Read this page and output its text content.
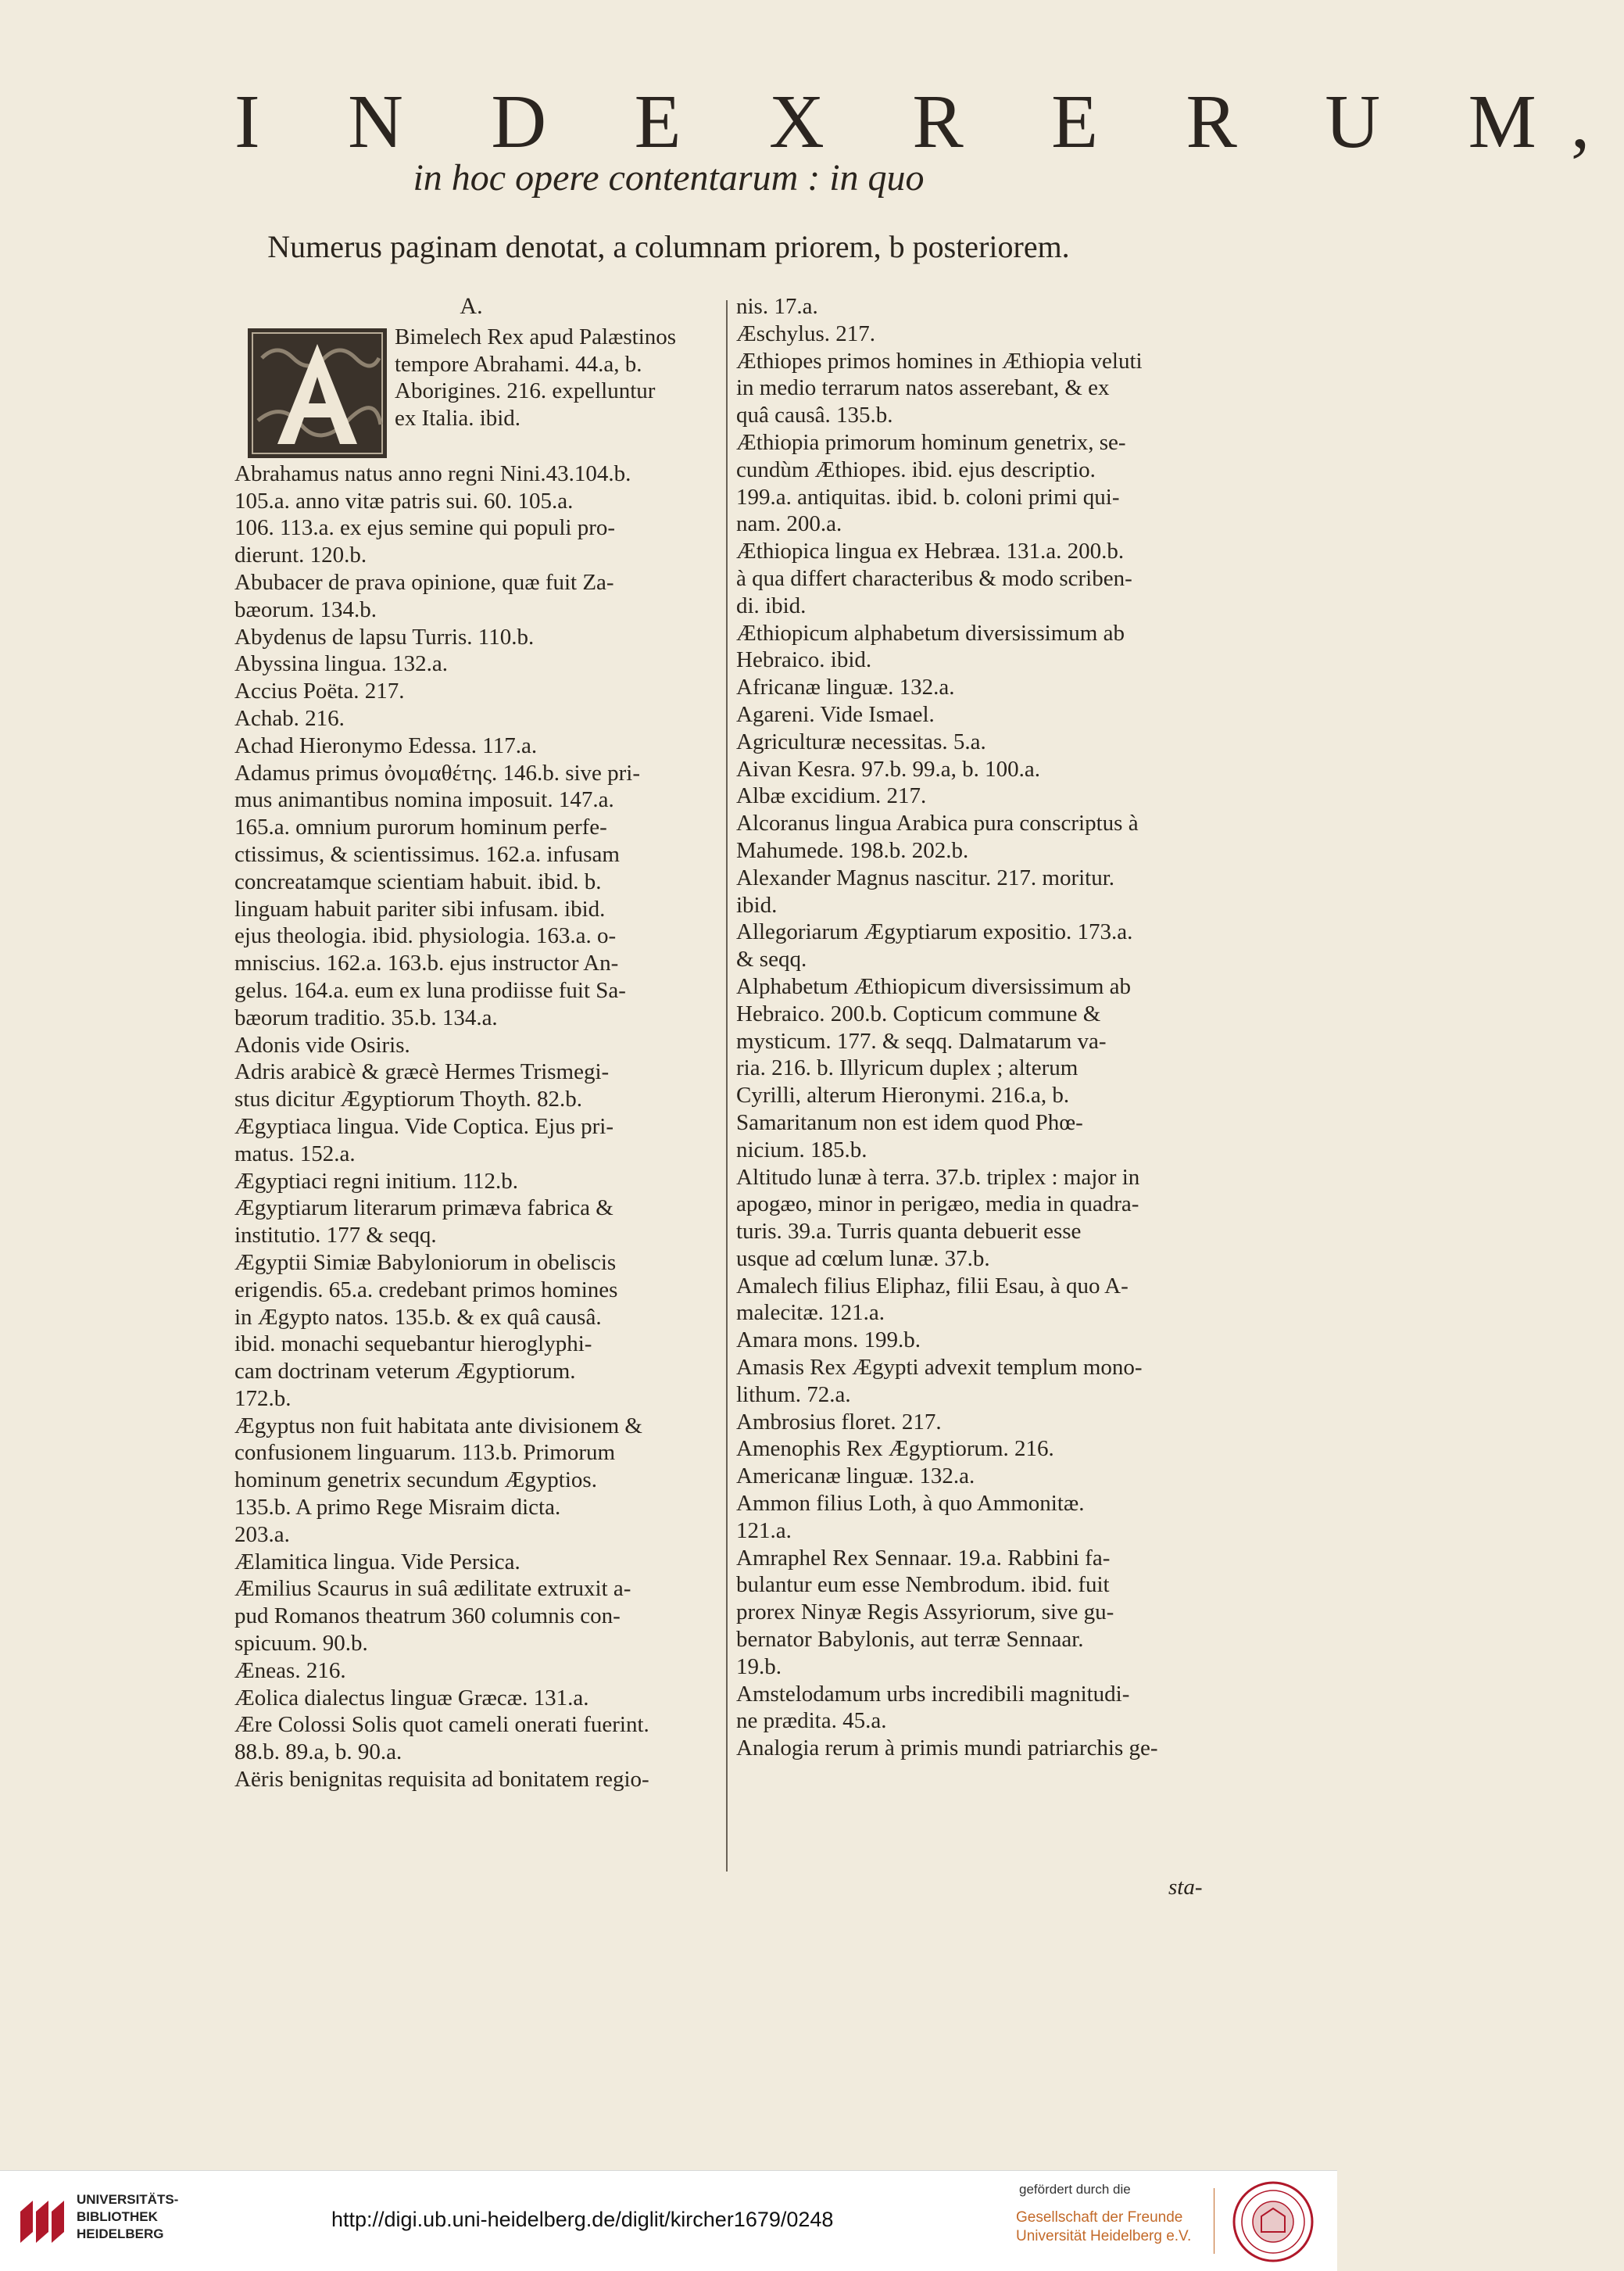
I N D E X R E R U M,
in hoc opere contentarum : in quo
Numerus paginam denotat, a columnam priorem, b posteriorem.
A.

Bimelech Rex apud Palæstinos

tempore Abrahami. 44.a, b.

Aborigines. 216. expelluntur

ex Italia. ibid.

Abrahamus natus anno regni Nini.43.104.b.

105.a. anno vitæ patris sui. 60. 105.a.

106. 113.a. ex ejus semine qui populi pro-

dierunt. 120.b.

Abubacer de prava opinione, quæ fuit Za-

bæorum. 134.b.

Abydenus de lapsu Turris. 110.b.

Abyssina lingua. 132.a.

Accius Poëta. 217.

Achab. 216.

Achad Hieronymo Edessa. 117.a.

Adamus primus ὀνομαθέτης. 146.b. sive pri-

mus animantibus nomina imposuit. 147.a.

165.a. omnium purorum hominum perfe-

ctissimus, & scientissimus. 162.a. infusam

concreatamque scientiam habuit. ibid. b.

linguam habuit pariter sibi infusam. ibid.

ejus theologia. ibid. physiologia. 163.a. o-

mniscius. 162.a. 163.b. ejus instructor An-

gelus. 164.a. eum ex luna prodiisse fuit Sa-

bæorum traditio. 35.b. 134.a.

Adonis vide Osiris.

Adris arabicè & græcè Hermes Trismegi-

stus dicitur Ægyptiorum Thoyth. 82.b.

Ægyptiaca lingua. Vide Coptica. Ejus pri-

matus. 152.a.

Ægyptiaci regni initium. 112.b.

Ægyptiarum literarum primæva fabrica &

institutio. 177 & seqq.

Ægyptii Simiæ Babyloniorum in obeliscis

erigendis. 65.a. credebant primos homines

in Ægypto natos. 135.b. & ex quâ causâ.

ibid. monachi sequebantur hieroglyphi-

cam doctrinam veterum Ægyptiorum.

172.b.

Ægyptus non fuit habitata ante divisionem &

confusionem linguarum. 113.b. Primorum

hominum genetrix secundum Ægyptios.

135.b. A primo Rege Misraim dicta.

203.a.

Ælamitica lingua. Vide Persica.

Æmilius Scaurus in suâ ædilitate extruxit a-

pud Romanos theatrum 360 columnis con-

spicuum. 90.b.

Æneas. 216.

Æolica dialectus linguæ Græcæ. 131.a.

Ære Colossi Solis quot cameli onerati fuerint.

88.b. 89.a, b. 90.a.

Aëris benignitas requisita ad bonitatem regio-

nis. 17.a.

Æschylus. 217.

Æthiopes primos homines in Æthiopia veluti

in medio terrarum natos asserebant, & ex

quâ causâ. 135.b.

Æthiopia primorum hominum genetrix, se-

cundùm Æthiopes. ibid. ejus descriptio.

199.a. antiquitas. ibid. b. coloni primi qui-

nam. 200.a.

Æthiopica lingua ex Hebræa. 131.a. 200.b.

à qua differt characteribus & modo scriben-

di. ibid.

Æthiopicum alphabetum diversissimum ab

Hebraico. ibid.

Africanæ linguæ. 132.a.

Agareni. Vide Ismael.

Agriculturæ necessitas. 5.a.

Aivan Kesra. 97.b. 99.a, b. 100.a.

Albæ excidium. 217.

Alcoranus lingua Arabica pura conscriptus à

Mahumede. 198.b. 202.b.

Alexander Magnus nascitur. 217. moritur.

ibid.

Allegoriarum Ægyptiarum expositio. 173.a.

& seqq.

Alphabetum Æthiopicum diversissimum ab

Hebraico. 200.b. Copticum commune &

mysticum. 177. & seqq. Dalmatarum va-

ria. 216. b. Illyricum duplex ; alterum

Cyrilli, alterum Hieronymi. 216.a, b.

Samaritanum non est idem quod Phœ-

nicium. 185.b.

Altitudo lunæ à terra. 37.b. triplex : major in

apogæo, minor in perigæo, media in quadra-

turis. 39.a. Turris quanta debuerit esse

usque ad cœlum lunæ. 37.b.

Amalech filius Eliphaz, filii Esau, à quo A-

malecitæ. 121.a.

Amara mons. 199.b.

Amasis Rex Ægypti advexit templum mono-

lithum. 72.a.

Ambrosius floret. 217.

Amenophis Rex Ægyptiorum. 216.

Americanæ linguæ. 132.a.

Ammon filius Loth, à quo Ammonitæ.

121.a.

Amraphel Rex Sennaar. 19.a. Rabbini fa-

bulantur eum esse Nembrodum. ibid. fuit

prorex Ninyæ Regis Assyriorum, sive gu-

bernator Babylonis, aut terræ Sennaar.

19.b.

Amstelodamum urbs incredibili magnitudi-

ne prædita. 45.a.

Analogia rerum à primis mundi patriarchis ge-

sta-
UNIVERSITÄTS-
BIBLIOTHEK
HEIDELBERG
http://digi.ub.uni-heidelberg.de/diglit/kircher1679/0248
gefördert durch die
Gesellschaft der Freunde
Universität Heidelberg e.V.
